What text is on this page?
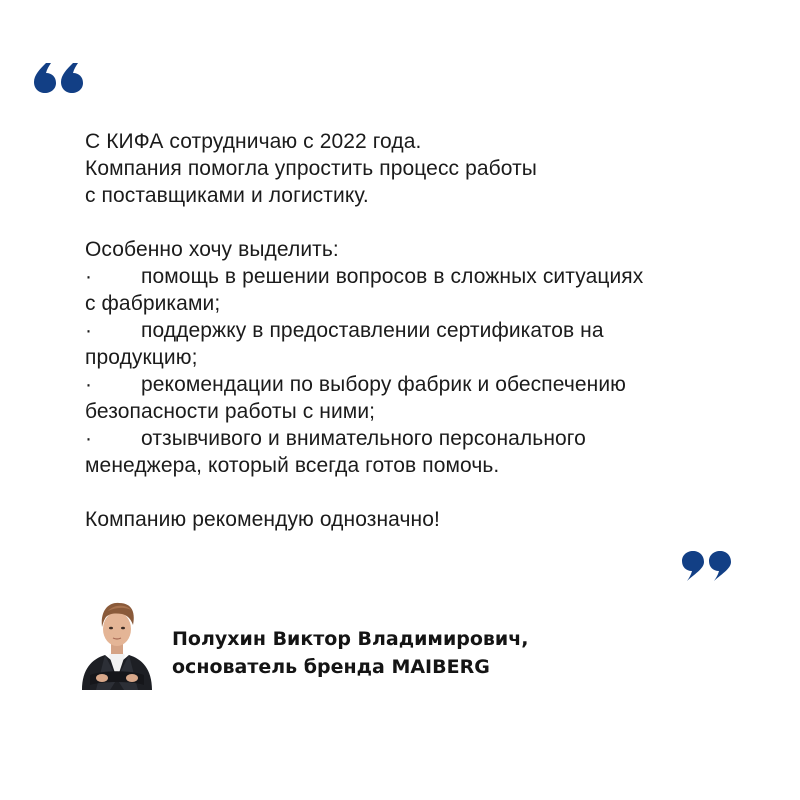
С КИФА сотрудничаю с 2022 года.
Компания помогла упростить процесс работы
с поставщиками и логистику.

Особенно хочу выделить:

· помощь в решении вопросов в сложных ситуациях
с фабриками;
· поддержку в предоставлении сертификатов на
продукцию;
· рекомендации по выбору фабрик и обеспечению
безопасности работы с ними;
· отзывчивого и внимательного персонального
менеджера, который всегда готов помочь.

Компанию рекомендую однозначно!

Полухин Виктор Владимирович,
основатель бренда MAIBERG
